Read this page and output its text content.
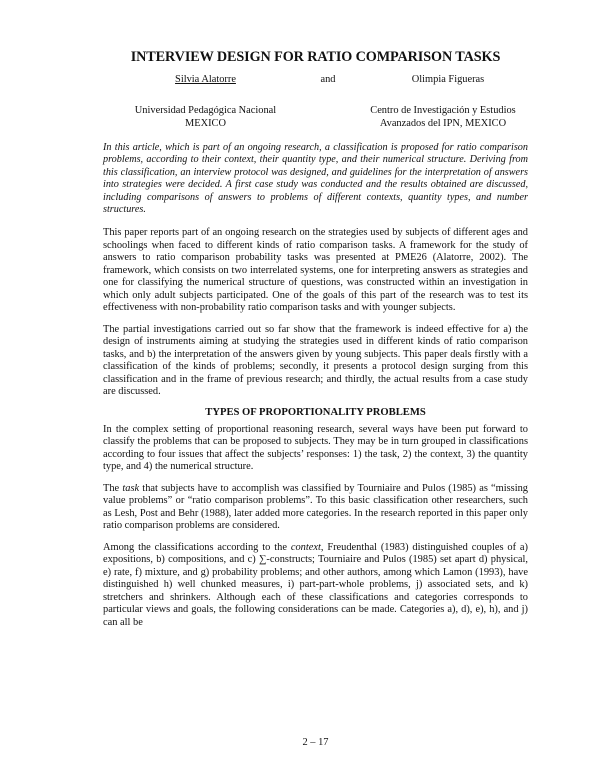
INTERVIEW DESIGN FOR RATIO COMPARISON TASKS
Silvia Alatorre	and	Olimpia Figueras
Universidad Pedagógica Nacional
MEXICO
Centro de Investigación y Estudios
Avanzados del IPN, MEXICO

In this article, which is part of an ongoing research, a classification is proposed for ratio comparison problems, according to their context, their quantity type, and their numerical structure. Deriving from this classification, an interview protocol was designed, and guidelines for the interpretation of answers into strategies were decided. A first case study was conducted and the results obtained are discussed, including comparisons of answers to problems of different contexts, quantity types, and number structures.

This paper reports part of an ongoing research on the strategies used by subjects of different ages and schoolings when faced to different kinds of ratio comparison tasks. A framework for the study of answers to ratio comparison probability tasks was presented at PME26 (Alatorre, 2002). The framework, which consists on two interrelated systems, one for interpreting answers as strategies and one for classifying the numerical structure of questions, was constructed within an investigation in which only adult subjects participated. One of the goals of this part of the research was to test its effectiveness with non-probability ratio comparison tasks and with younger subjects.

The partial investigations carried out so far show that the framework is indeed effective for a) the design of instruments aiming at studying the strategies used in different kinds of ratio comparison tasks, and b) the interpretation of the answers given by young subjects. This paper deals firstly with a classification of the kinds of problems; secondly, it presents a protocol design surging from this classification and in the frame of previous research; and thirdly, the actual results from a case study are discussed.

TYPES OF PROPORTIONALITY PROBLEMS

In the complex setting of proportional reasoning research, several ways have been put forward to classify the problems that can be proposed to subjects. They may be in turn grouped in classifications according to four issues that affect the subjects’ responses: 1) the task, 2) the context, 3) the quantity type, and 4) the numerical structure.

The task that subjects have to accomplish was classified by Tourniaire and Pulos (1985) as “missing value problems” or “ratio comparison problems”. To this basic classification other researchers, such as Lesh, Post and Behr (1988), later added more categories. In the research reported in this paper only ratio comparison problems are considered.

Among the classifications according to the context, Freudenthal (1983) distinguished couples of a) expositions, b) compositions, and c) ∑-constructs; Tourniaire and Pulos (1985) set apart d) physical, e) rate, f) mixture, and g) probability problems; and other authors, among which Lamon (1993), have distinguished h) well chunked measures, i) part-part-whole problems, j) associated sets, and k) stretchers and shrinkers. Although each of these classifications and categories corresponds to particular views and goals, the following considerations can be made. Categories a), d), e), h), and j) can all be

2 – 17
